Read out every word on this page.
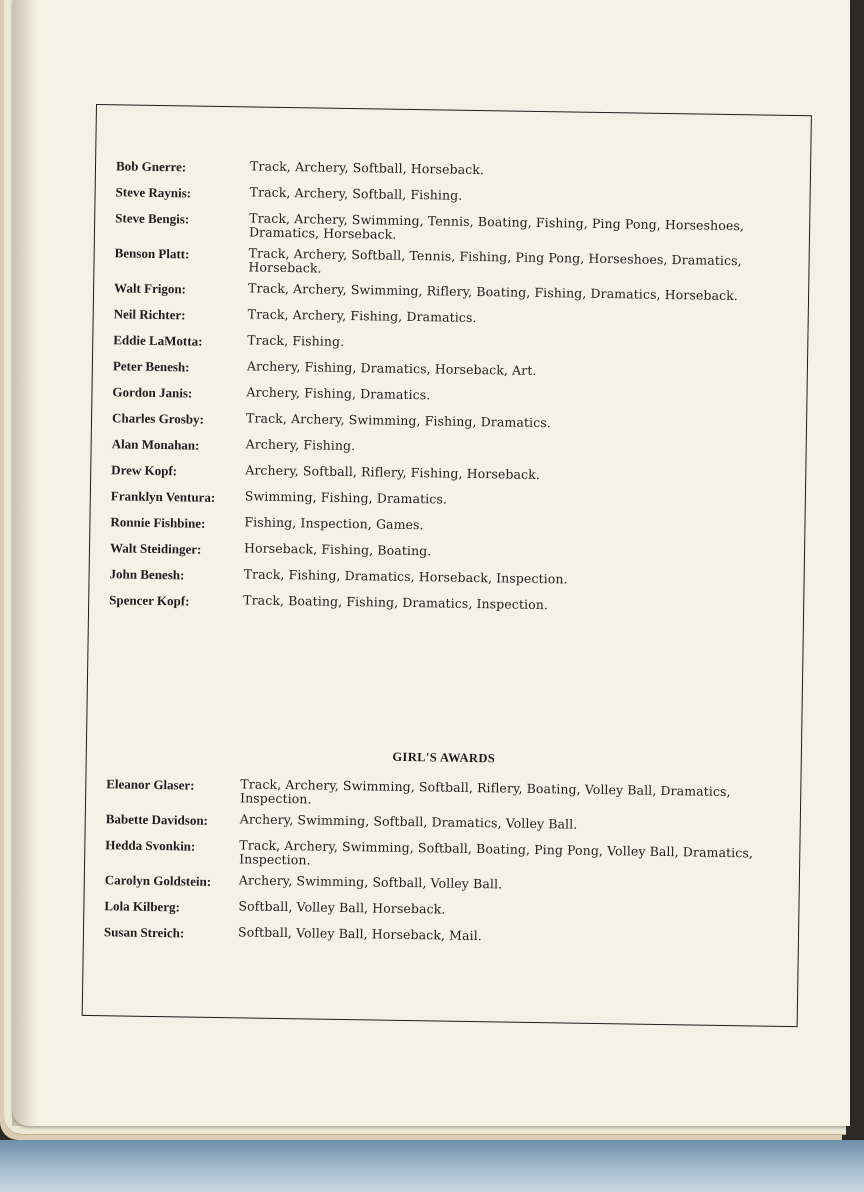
Bob Gnerre:	Track, Archery, Softball, Horseback.
Steve Raynis:	Track, Archery, Softball, Fishing.
Steve Bengis:	Track, Archery, Swimming, Tennis, Boating, Fishing, Ping Pong, Horseshoes, Dramatics, Horseback.
Benson Platt:	Track, Archery, Softball, Tennis, Fishing, Ping Pong, Horseshoes, Dramatics, Horseback.
Walt Frigon:	Track, Archery, Swimming, Riflery, Boating, Fishing, Dramatics, Horseback.
Neil Richter:	Track, Archery, Fishing, Dramatics.
Eddie LaMotta:	Track, Fishing.
Peter Benesh:	Archery, Fishing, Dramatics, Horseback, Art.
Gordon Janis:	Archery, Fishing, Dramatics.
Charles Grosby:	Track, Archery, Swimming, Fishing, Dramatics.
Alan Monahan:	Archery, Fishing.
Drew Kopf:	Archery, Softball, Riflery, Fishing, Horseback.
Franklyn Ventura:	Swimming, Fishing, Dramatics.
Ronnie Fishbine:	Fishing, Inspection, Games.
Walt Steidinger:	Horseback, Fishing, Boating.
John Benesh:	Track, Fishing, Dramatics, Horseback, Inspection.
Spencer Kopf:	Track, Boating, Fishing, Dramatics, Inspection.
GIRL'S AWARDS
Eleanor Glaser:	Track, Archery, Swimming, Softball, Riflery, Boating, Volley Ball, Dramatics, Inspection.
Babette Davidson:	Archery, Swimming, Softball, Dramatics, Volley Ball.
Hedda Svonkin:	Track, Archery, Swimming, Softball, Boating, Ping Pong, Volley Ball, Dramatics, Inspection.
Carolyn Goldstein:	Archery, Swimming, Softball, Volley Ball.
Lola Kilberg:	Softball, Volley Ball, Horseback.
Susan Streich:	Softball, Volley Ball, Horseback, Mail.
